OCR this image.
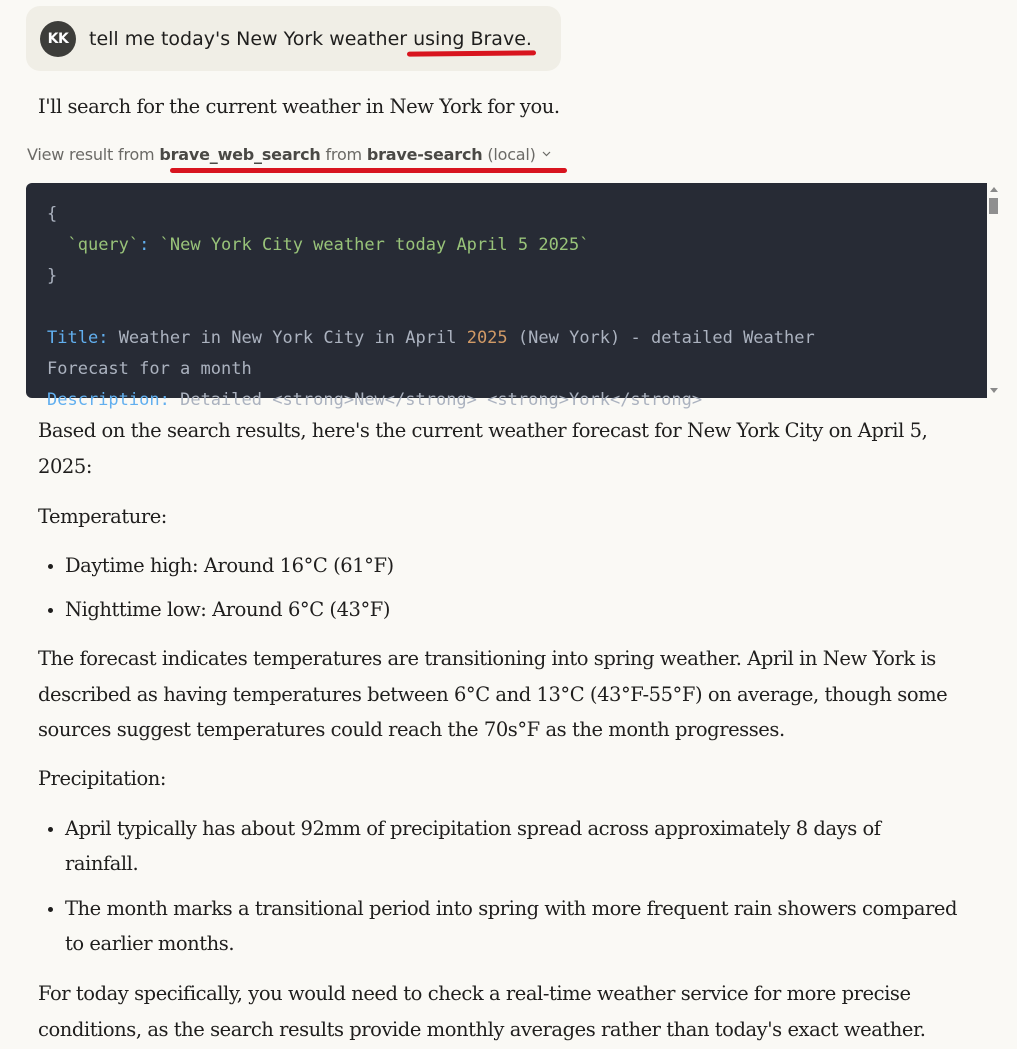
KK	tell me today's New York weather using Brave.
I'll search for the current weather in New York for you.
View result from brave_web_search from brave-search (local)
{
`query`: `New York City weather today April 5 2025`
}

Title: Weather in New York City in April 2025 (New York) - detailed Weather
Forecast for a month
Description: Detailed <strong>New</strong> <strong>York</strong>

Based on the search results, here's the current weather forecast for New York City on April 5, 2025:

Temperature:

Daytime high: Around 16°C (61°F)
Nighttime low: Around 6°C (43°F)

The forecast indicates temperatures are transitioning into spring weather. April in New York is described as having temperatures between 6°C and 13°C (43°F-55°F) on average, though some sources suggest temperatures could reach the 70s°F as the month progresses.

Precipitation:

April typically has about 92mm of precipitation spread across approximately 8 days of rainfall.
The month marks a transitional period into spring with more frequent rain showers compared to earlier months.

For today specifically, you would need to check a real-time weather service for more precise conditions, as the search results provide monthly averages rather than today's exact weather.
